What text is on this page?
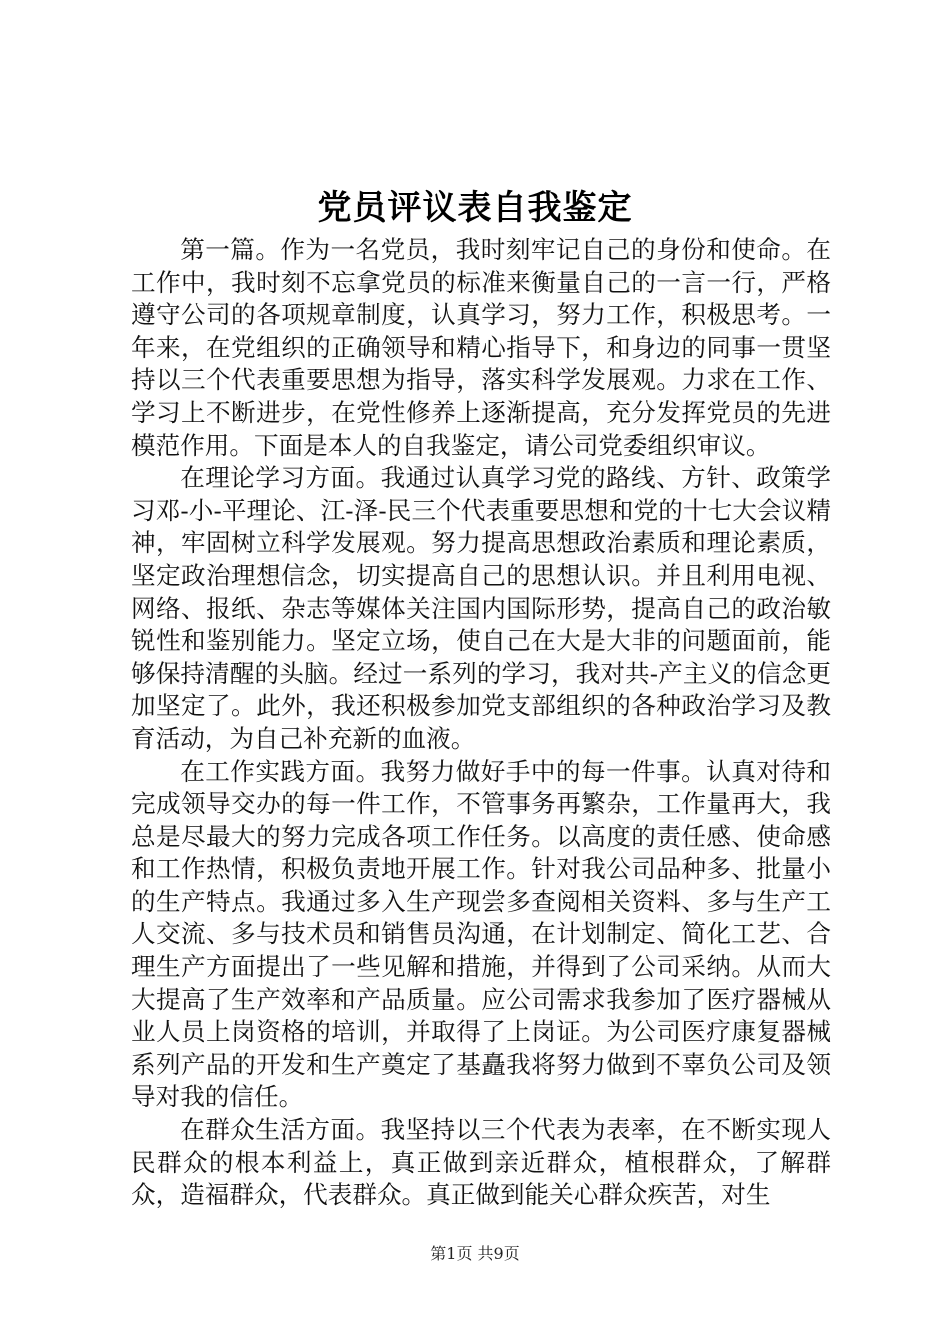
党员评议表自我鉴定

第一篇。作为一名党员，我时刻牢记自己的身份和使命。在工作中，我时刻不忘拿党员的标准来衡量自己的一言一行，严格遵守公司的各项规章制度，认真学习，努力工作，积极思考。一年来，在党组织的正确领导和精心指导下，和身边的同事一贯坚持以三个代表重要思想为指导，落实科学发展观。力求在工作、学习上不断进步，在党性修养上逐渐提高，充分发挥党员的先进模范作用。下面是本人的自我鉴定，请公司党委组织审议。

在理论学习方面。我通过认真学习党的路线、方针、政策学习邓-小-平理论、江-泽-民三个代表重要思想和党的十七大会议精神，牢固树立科学发展观。努力提高思想政治素质和理论素质，坚定政治理想信念，切实提高自己的思想认识。并且利用电视、网络、报纸、杂志等媒体关注国内国际形势，提高自己的政治敏锐性和鉴别能力。坚定立场，使自己在大是大非的问题面前，能够保持清醒的头脑。经过一系列的学习，我对共-产主义的信念更加坚定了。此外，我还积极参加党支部组织的各种政治学习及教育活动，为自己补充新的血液。

在工作实践方面。我努力做好手中的每一件事。认真对待和完成领导交办的每一件工作，不管事务再繁杂，工作量再大，我总是尽最大的努力完成各项工作任务。以高度的责任感、使命感和工作热情，积极负责地开展工作。针对我公司品种多、批量小的生产特点。我通过多入生产现尝多查阅相关资料、多与生产工人交流、多与技术员和销售员沟通，在计划制定、简化工艺、合理生产方面提出了一些见解和措施，并得到了公司采纳。从而大大提高了生产效率和产品质量。应公司需求我参加了医疗器械从业人员上岗资格的培训，并取得了上岗证。为公司医疗康复器械系列产品的开发和生产奠定了基矗我将努力做到不辜负公司及领导对我的信任。

在群众生活方面。我坚持以三个代表为表率，在不断实现人民群众的根本利益上，真正做到亲近群众，植根群众，了解群众，造福群众，代表群众。真正做到能关心群众疾苦，对生

第1页 共9页
